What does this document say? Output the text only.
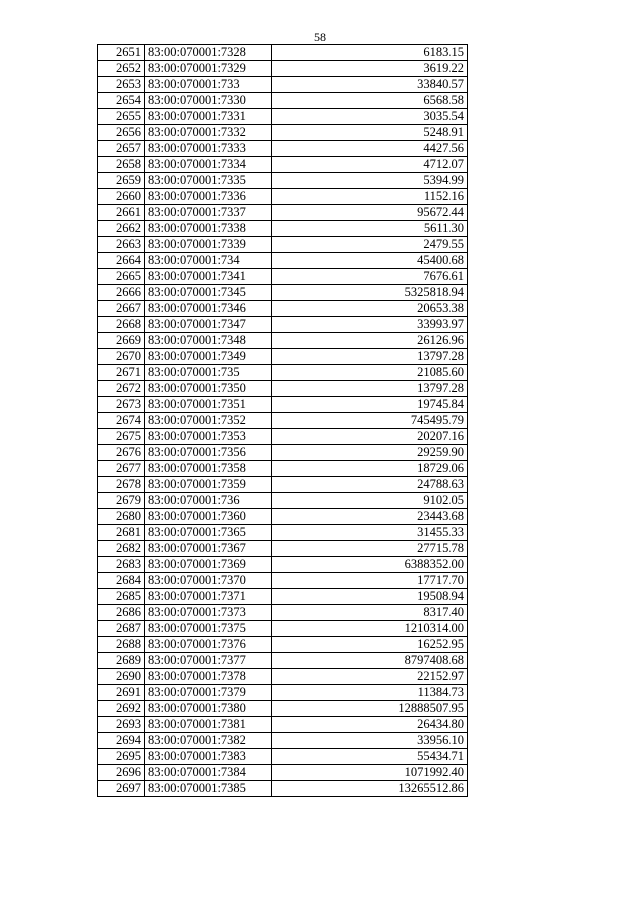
58
2651	83:00:070001:7328	6183.15
2652	83:00:070001:7329	3619.22
2653	83:00:070001:733	33840.57
2654	83:00:070001:7330	6568.58
2655	83:00:070001:7331	3035.54
2656	83:00:070001:7332	5248.91
2657	83:00:070001:7333	4427.56
2658	83:00:070001:7334	4712.07
2659	83:00:070001:7335	5394.99
2660	83:00:070001:7336	1152.16
2661	83:00:070001:7337	95672.44
2662	83:00:070001:7338	5611.30
2663	83:00:070001:7339	2479.55
2664	83:00:070001:734	45400.68
2665	83:00:070001:7341	7676.61
2666	83:00:070001:7345	5325818.94
2667	83:00:070001:7346	20653.38
2668	83:00:070001:7347	33993.97
2669	83:00:070001:7348	26126.96
2670	83:00:070001:7349	13797.28
2671	83:00:070001:735	21085.60
2672	83:00:070001:7350	13797.28
2673	83:00:070001:7351	19745.84
2674	83:00:070001:7352	745495.79
2675	83:00:070001:7353	20207.16
2676	83:00:070001:7356	29259.90
2677	83:00:070001:7358	18729.06
2678	83:00:070001:7359	24788.63
2679	83:00:070001:736	9102.05
2680	83:00:070001:7360	23443.68
2681	83:00:070001:7365	31455.33
2682	83:00:070001:7367	27715.78
2683	83:00:070001:7369	6388352.00
2684	83:00:070001:7370	17717.70
2685	83:00:070001:7371	19508.94
2686	83:00:070001:7373	8317.40
2687	83:00:070001:7375	1210314.00
2688	83:00:070001:7376	16252.95
2689	83:00:070001:7377	8797408.68
2690	83:00:070001:7378	22152.97
2691	83:00:070001:7379	11384.73
2692	83:00:070001:7380	12888507.95
2693	83:00:070001:7381	26434.80
2694	83:00:070001:7382	33956.10
2695	83:00:070001:7383	55434.71
2696	83:00:070001:7384	1071992.40
2697	83:00:070001:7385	13265512.86
